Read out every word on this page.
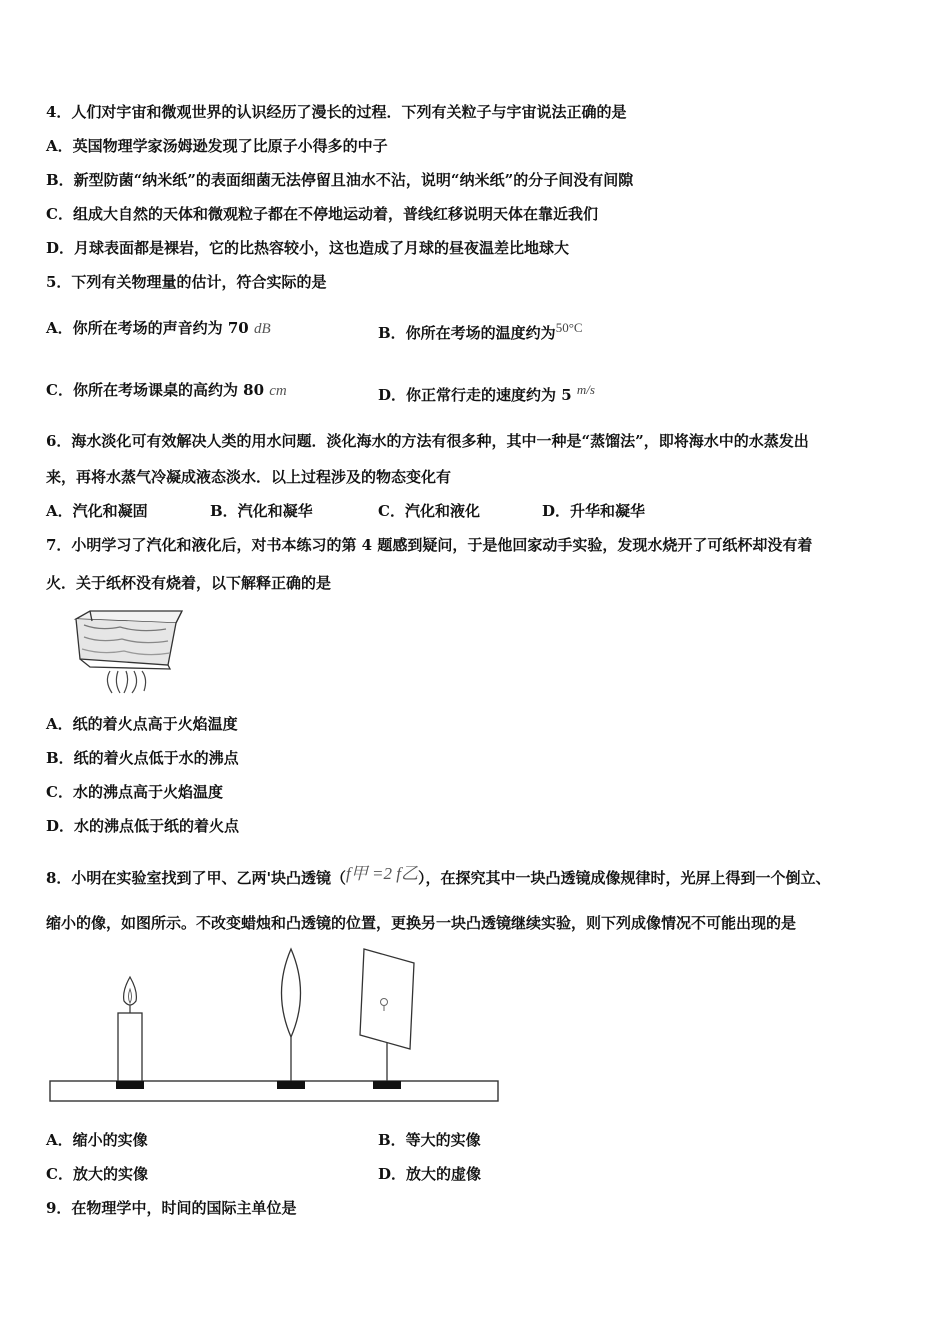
4．人们对宇宙和微观世界的认识经历了漫长的过程．下列有关粒子与宇宙说法正确的是
A．英国物理学家汤姆逊发现了比原子小得多的中子
B．新型防菌“纳米纸”的表面细菌无法停留且油水不沾，说明“纳米纸”的分子间没有间隙
C．组成大自然的天体和微观粒子都在不停地运动着，普线红移说明天体在靠近我们
D．月球表面都是裸岩，它的比热容较小，这也造成了月球的昼夜温差比地球大
5．下列有关物理量的估计，符合实际的是
A．你所在考场的声音约为 70 dB	B．你所在考场的温度约为50°C
C．你所在考场课桌的高约为 80 cm	D．你正常行走的速度约为 5 m/s
6．海水淡化可有效解决人类的用水问题．淡化海水的方法有很多种，其中一种是“蒸馏法”，即将海水中的水蒸发出
来，再将水蒸气冷凝成液态淡水．以上过程涉及的物态变化有
A．汽化和凝固	B．汽化和凝华	C．汽化和液化	D．升华和凝华
7．小明学习了汽化和液化后，对书本练习的第 4 题感到疑问，于是他回家动手实验，发现水烧开了可纸杯却没有着
火．关于纸杯没有烧着，以下解释正确的是
A．纸的着火点高于火焰温度
B．纸的着火点低于水的沸点
C．水的沸点高于火焰温度
D．水的沸点低于纸的着火点
8．小明在实验室找到了甲、乙两'块凸透镜（f甲 =2 f乙），在探究其中一块凸透镜成像规律时，光屏上得到一个倒立、
缩小的像，如图所示。不改变蜡烛和凸透镜的位置，更换另一块凸透镜继续实验，则下列成像情况不可能出现的是
A．缩小的实像	B．等大的实像
C．放大的实像	D．放大的虚像
9．在物理学中，时间的国际主单位是
